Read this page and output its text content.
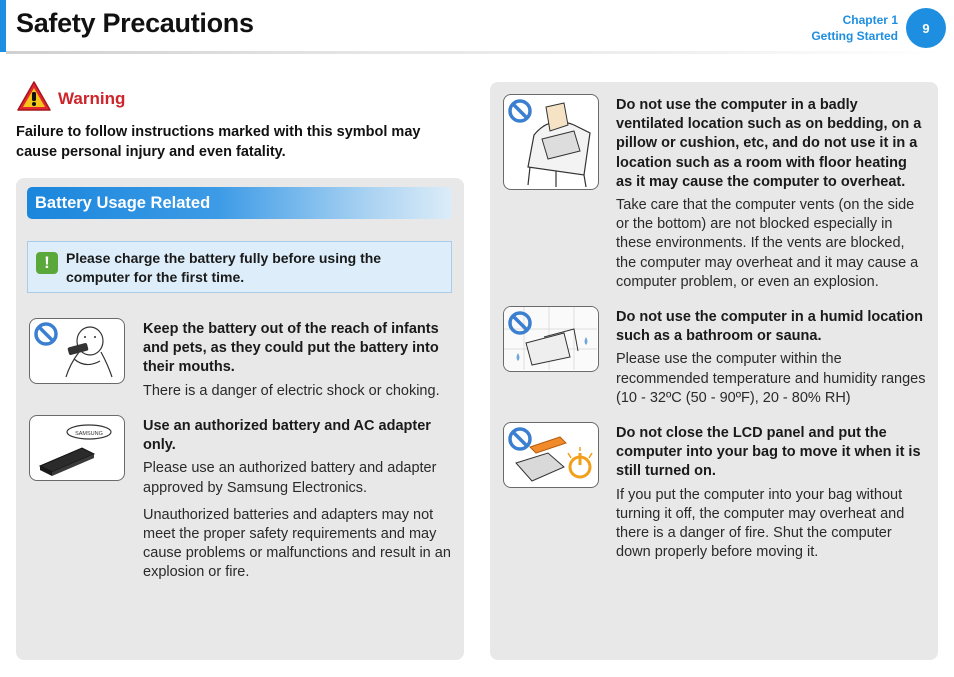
Safety Precautions	Chapter 1
Getting Started
9
Warning
Failure to follow instructions marked with this symbol may cause personal injury and even fatality.
Battery Usage Related
!	Please charge the battery fully before using the computer for the first time.
Keep the battery out of the reach of infants and pets, as they could put the battery into their mouths.
There is a danger of electric shock or choking.
SAMSUNG	Use an authorized battery and AC adapter only.
Please use an authorized battery and adapter approved by Samsung Electronics.
Unauthorized batteries and adapters may not meet the proper safety requirements and may cause problems or malfunctions and result in an explosion or fire.
Do not use the computer in a badly ventilated location such as on bedding, on a pillow or cushion, etc, and do not use it in a location such as a room with floor heating as it may cause the computer to overheat.
Take care that the computer vents (on the side or the bottom) are not blocked especially in these environments. If the vents are blocked, the computer may overheat and it may cause a computer problem, or even an explosion.
Do not use the computer in a humid location such as a bathroom or sauna.
Please use the computer within the recommended temperature and humidity ranges (10 - 32ºC (50 - 90ºF), 20 - 80% RH)
Do not close the LCD panel and put the computer into your bag to move it when it is still turned on.
If you put the computer into your bag without turning it off, the computer may overheat and there is a danger of fire. Shut the computer down properly before moving it.
